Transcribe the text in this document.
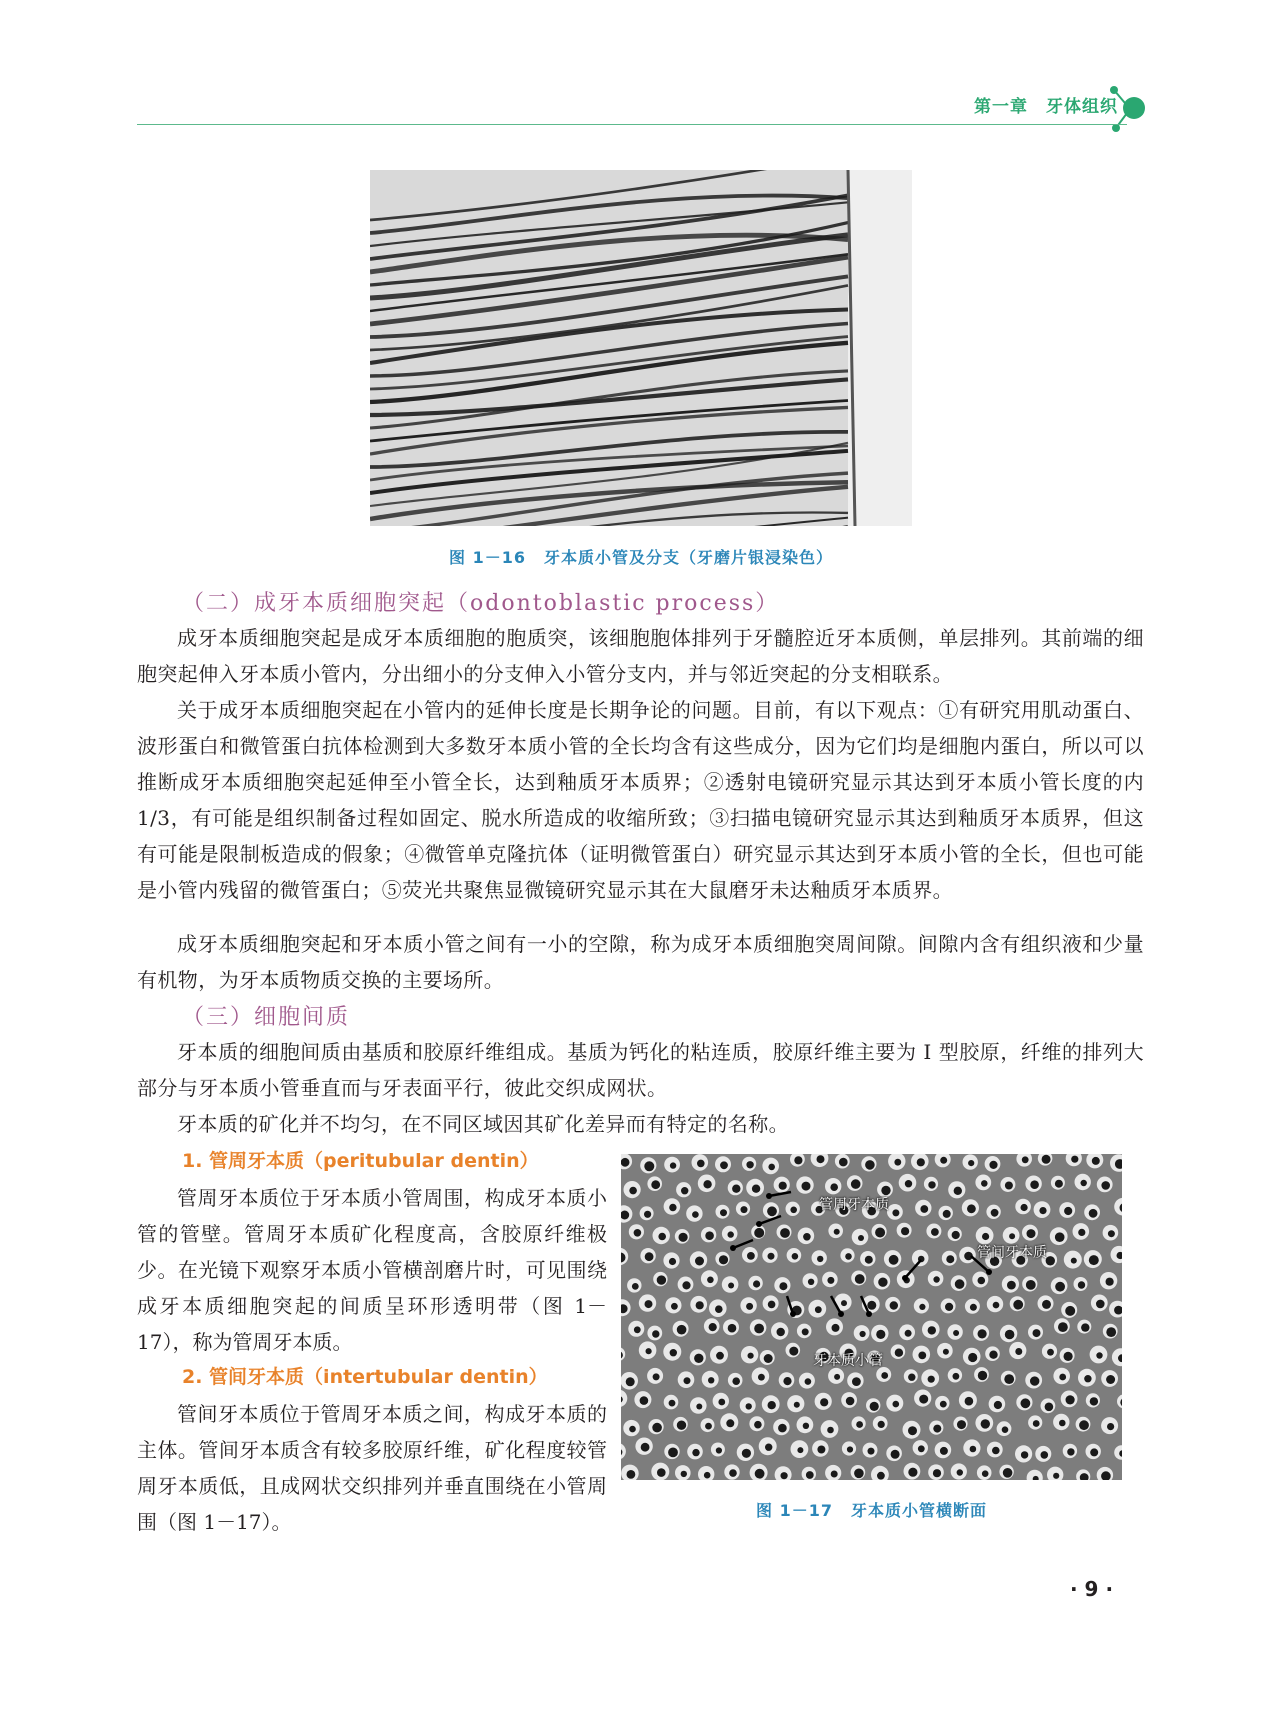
第一章 牙体组织
图 1－16 牙本质小管及分支（牙磨片银浸染色）
（二）成牙本质细胞突起（odontoblastic process）

成牙本质细胞突起是成牙本质细胞的胞质突，该细胞胞体排列于牙髓腔近牙本质侧，单层排列。其前端的细胞突起伸入牙本质小管内，分出细小的分支伸入小管分支内，并与邻近突起的分支相联系。

关于成牙本质细胞突起在小管内的延伸长度是长期争论的问题。目前，有以下观点：①有研究用肌动蛋白、波形蛋白和微管蛋白抗体检测到大多数牙本质小管的全长均含有这些成分，因为它们均是细胞内蛋白，所以可以推断成牙本质细胞突起延伸至小管全长，达到釉质牙本质界；②透射电镜研究显示其达到牙本质小管长度的内 1/3，有可能是组织制备过程如固定、脱水所造成的收缩所致；③扫描电镜研究显示其达到釉质牙本质界，但这有可能是限制板造成的假象；④微管单克隆抗体（证明微管蛋白）研究显示其达到牙本质小管的全长，但也可能是小管内残留的微管蛋白；⑤荧光共聚焦显微镜研究显示其在大鼠磨牙未达釉质牙本质界。

成牙本质细胞突起和牙本质小管之间有一小的空隙，称为成牙本质细胞突周间隙。间隙内含有组织液和少量有机物，为牙本质物质交换的主要场所。

（三）细胞间质

牙本质的细胞间质由基质和胶原纤维组成。基质为钙化的粘连质，胶原纤维主要为 Ⅰ 型胶原，纤维的排列大部分与牙本质小管垂直而与牙表面平行，彼此交织成网状。

牙本质的矿化并不均匀，在不同区域因其矿化差异而有特定的名称。

1. 管周牙本质（peritubular dentin）

管周牙本质位于牙本质小管周围，构成牙本质小管的管壁。管周牙本质矿化程度高，含胶原纤维极少。在光镜下观察牙本质小管横剖磨片时，可见围绕成牙本质细胞突起的间质呈环形透明带（图 1－17），称为管周牙本质。

2. 管间牙本质（intertubular dentin）

管间牙本质位于管周牙本质之间，构成牙本质的主体。管间牙本质含有较多胶原纤维，矿化程度较管周牙本质低，且成网状交织排列并垂直围绕在小管周围（图 1－17）。

管周牙本质
管间牙本质
牙本质小管
图 1－17 牙本质小管横断面
· 9 ·
